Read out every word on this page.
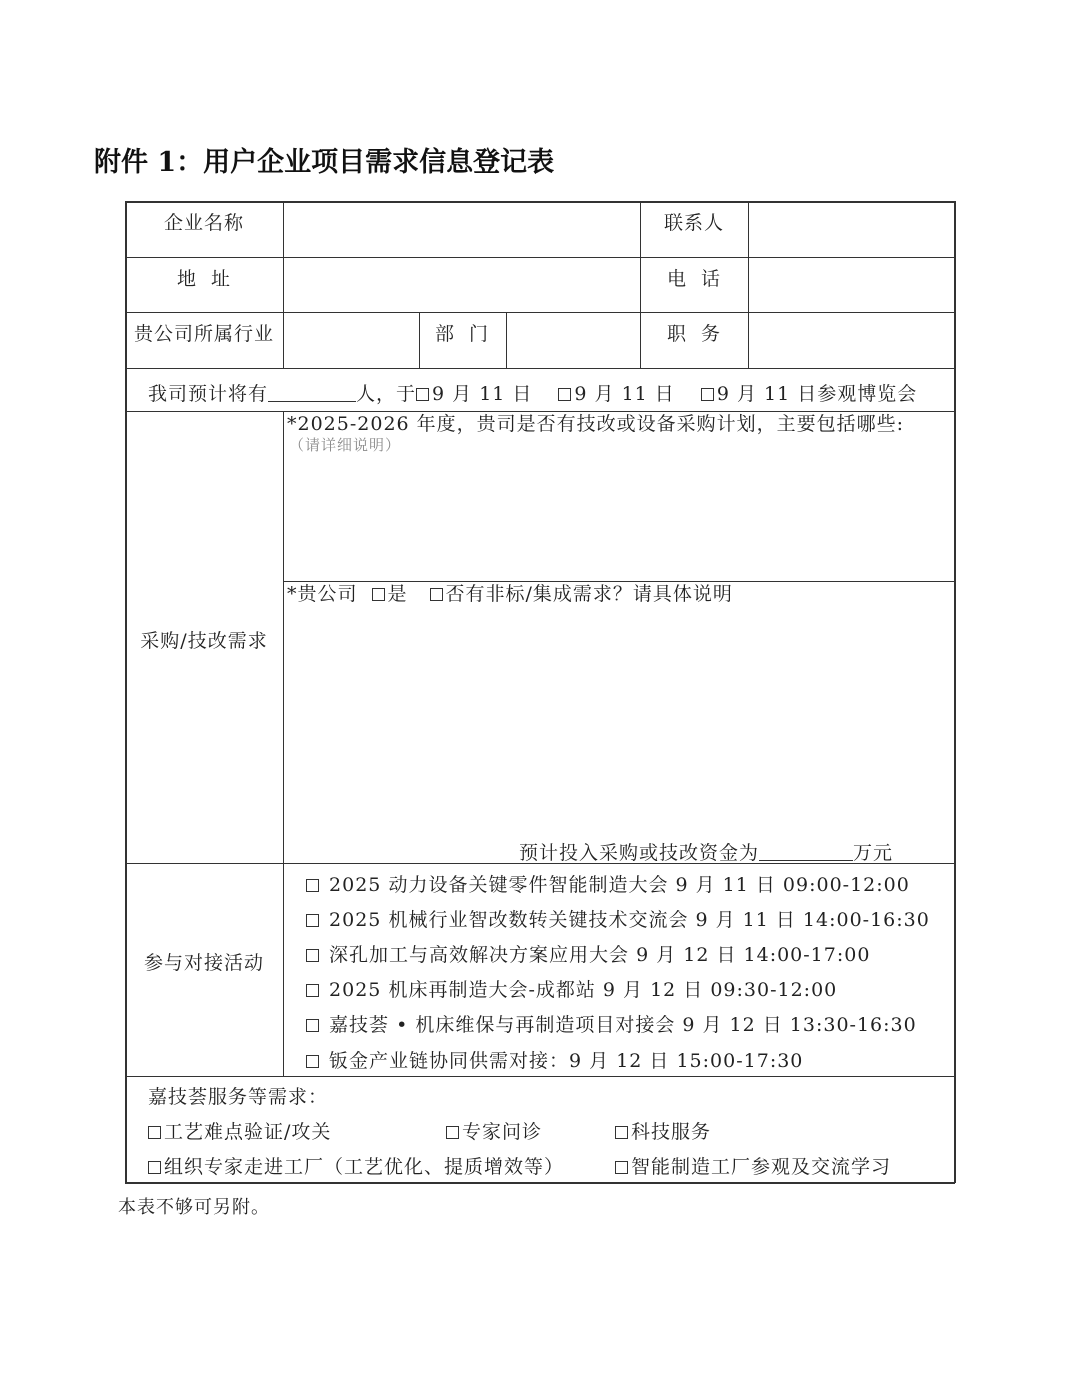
附件 1：用户企业项目需求信息登记表
企业名称	联系人
地  址	电  话
贵公司所属行业	部  门	职  务
我司预计将有	人，于 9 月 11 日 9 月 11 日 9 月 11 日参观博览会
采购/技改需求
*2025-2026 年度，贵司是否有技改或设备采购计划，主要包括哪些:
（请详细说明）
*贵公司 是 否有非标/集成需求？请具体说明
预计投入采购或技改资金为	万元
参与对接活动
2025 动力设备关键零件智能制造大会 9 月 11 日 09:00-12:00
2025 机械行业智改数转关键技术交流会 9 月 11 日 14:00-16:30
深孔加工与高效解决方案应用大会 9 月 12 日 14:00-17:00
2025 机床再制造大会-成都站 9 月 12 日 09:30-12:00
嘉技荟 • 机床维保与再制造项目对接会 9 月 12 日 13:30-16:30
钣金产业链协同供需对接：9 月 12 日 15:00-17:30
嘉技荟服务等需求：
工艺难点验证/攻关	专家问诊	科技服务
组织专家走进工厂（工艺优化、提质增效等）	智能制造工厂参观及交流学习
本表不够可另附。
